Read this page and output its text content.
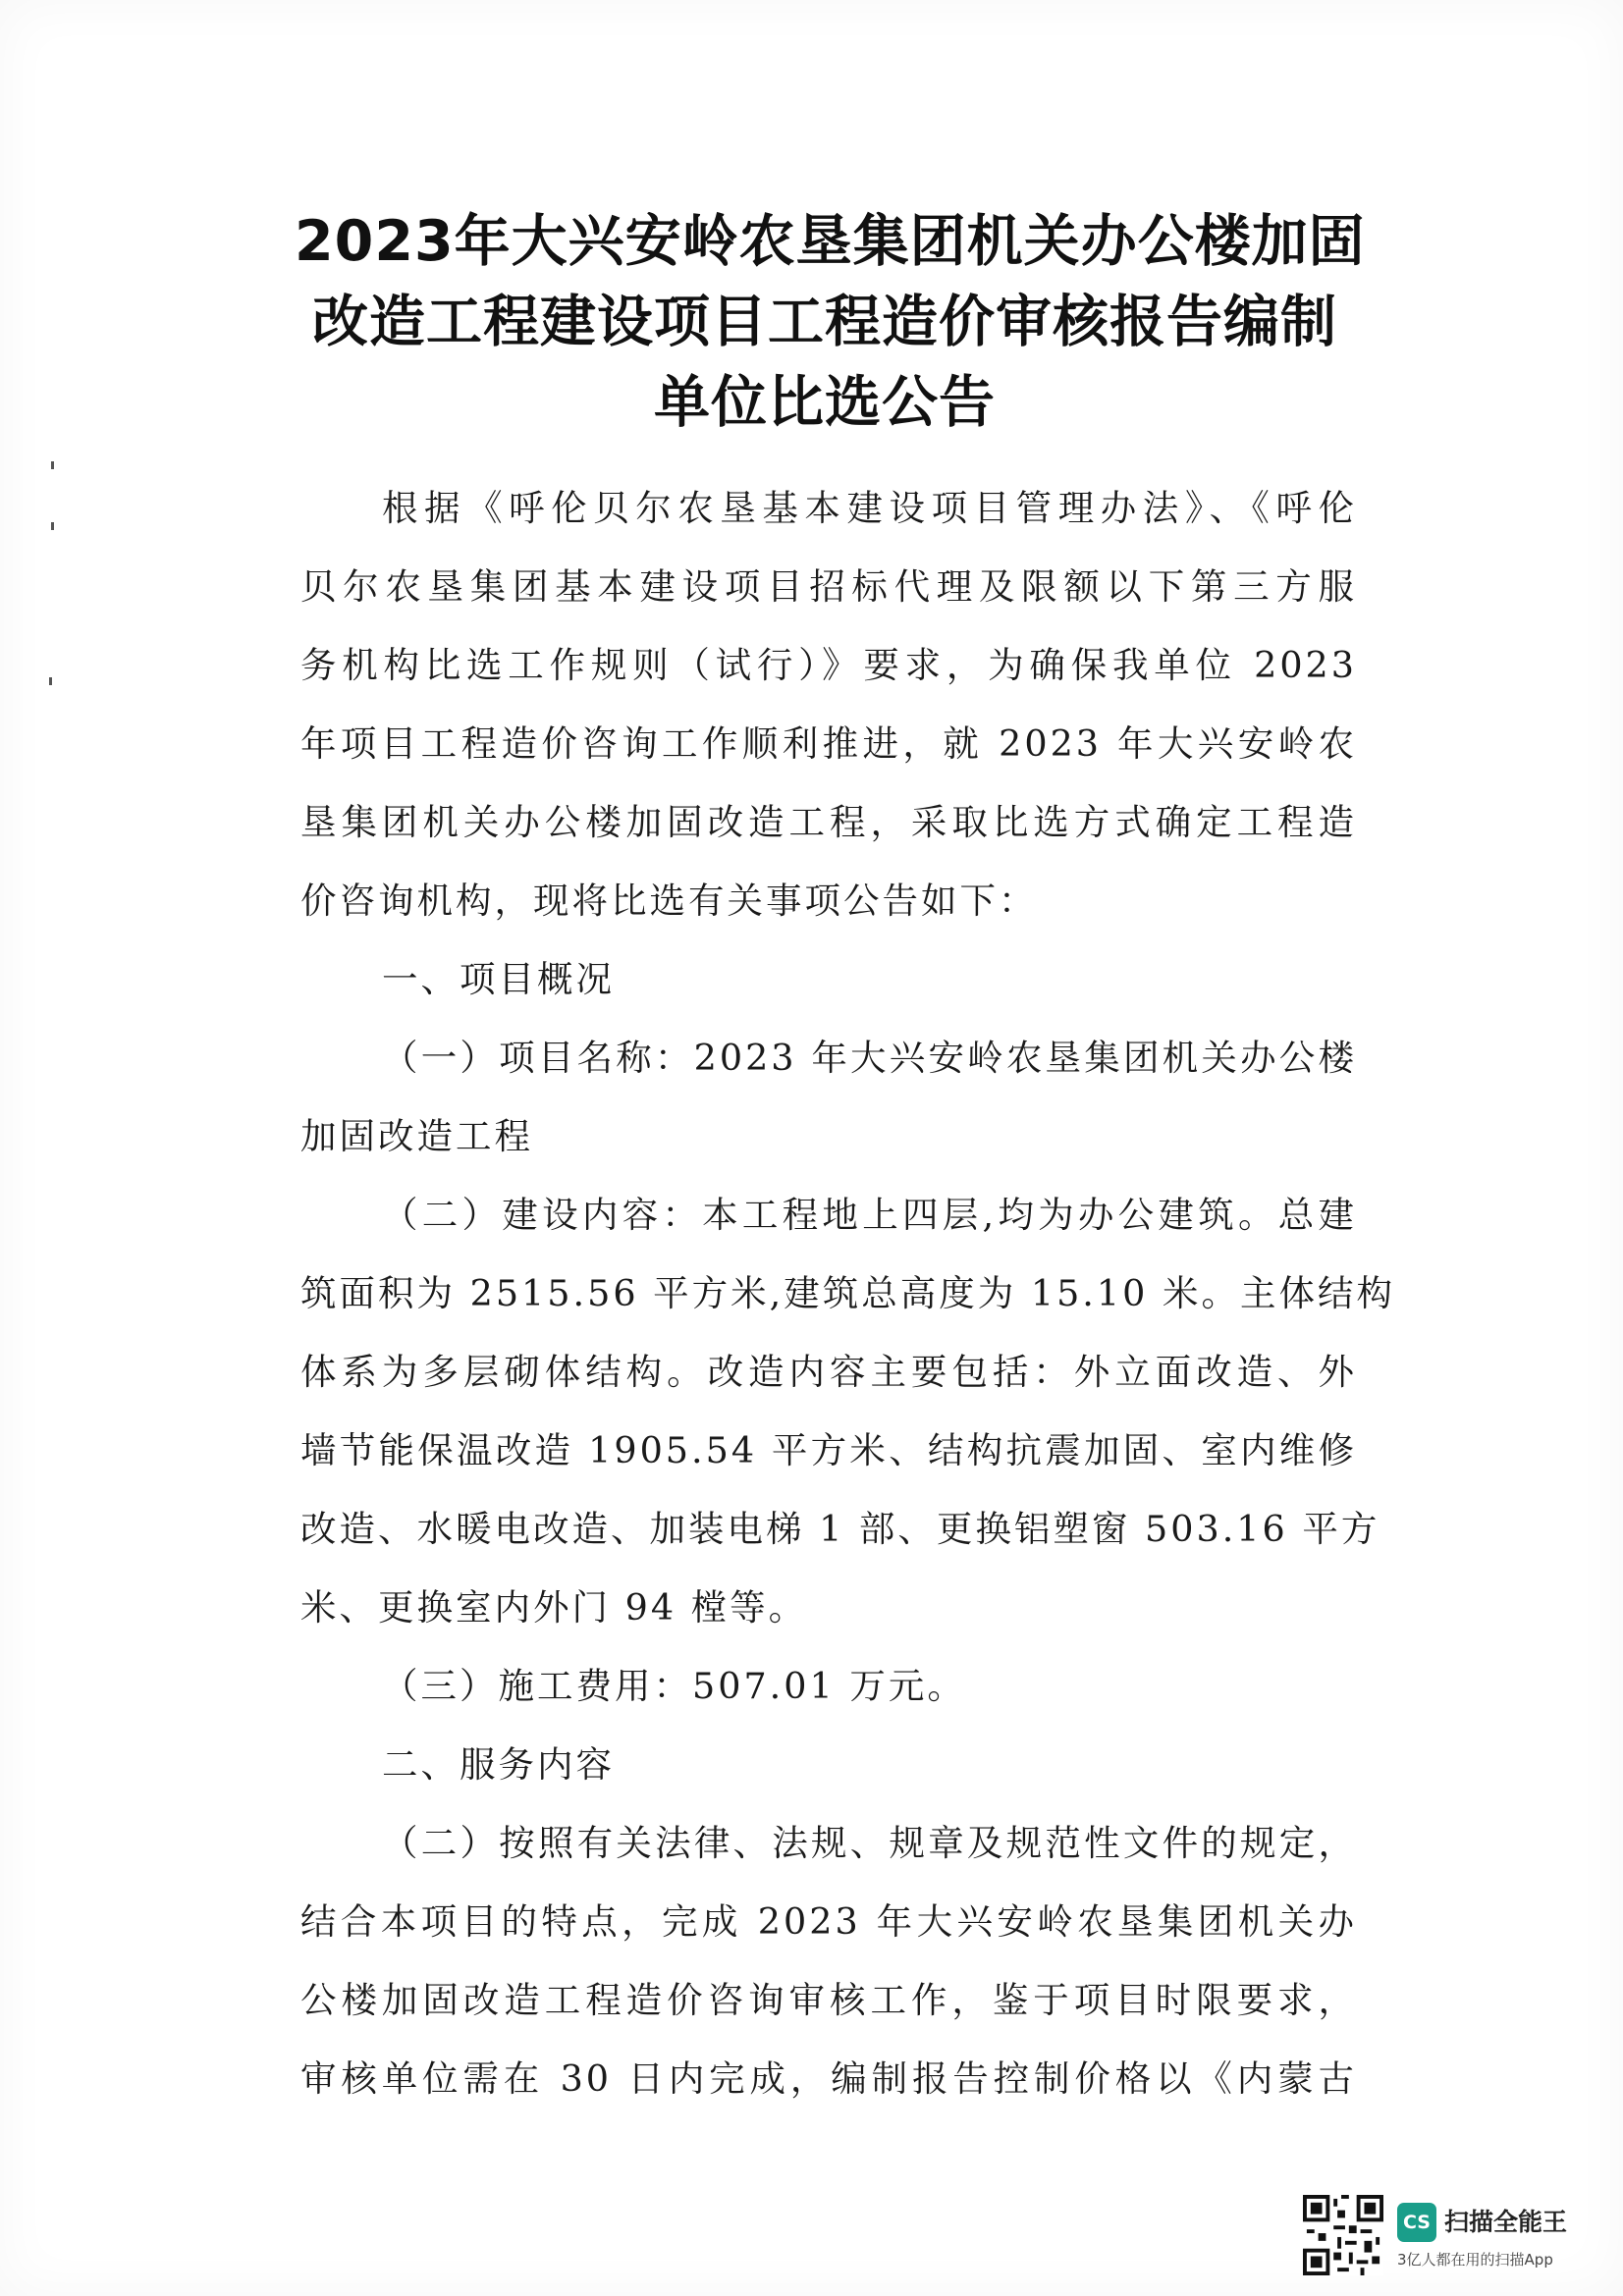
2023年大兴安岭农垦集团机关办公楼加固
改造工程建设项目工程造价审核报告编制
单位比选公告
根据《呼伦贝尔农垦基本建设项目管理办法》、《呼伦
贝尔农垦集团基本建设项目招标代理及限额以下第三方服
务机构比选工作规则（试行）》要求，为确保我单位 2023
年项目工程造价咨询工作顺利推进，就 2023 年大兴安岭农
垦集团机关办公楼加固改造工程，采取比选方式确定工程造
价咨询机构，现将比选有关事项公告如下：
一、项目概况
（一）项目名称：2023 年大兴安岭农垦集团机关办公楼
加固改造工程
（二）建设内容：本工程地上四层,均为办公建筑。总建
筑面积为 2515.56 平方米,建筑总高度为 15.10 米。主体结构
体系为多层砌体结构。改造内容主要包括：外立面改造、外
墙节能保温改造 1905.54 平方米、结构抗震加固、室内维修
改造、水暖电改造、加装电梯 1 部、更换铝塑窗 503.16 平方
米、更换室内外门 94 樘等。
（三）施工费用：507.01 万元。
二、服务内容
（二）按照有关法律、法规、规章及规范性文件的规定，
结合本项目的特点，完成 2023 年大兴安岭农垦集团机关办
公楼加固改造工程造价咨询审核工作，鉴于项目时限要求，
审核单位需在 30 日内完成，编制报告控制价格以《内蒙古
CS 扫描全能王
3亿人都在用的扫描App
